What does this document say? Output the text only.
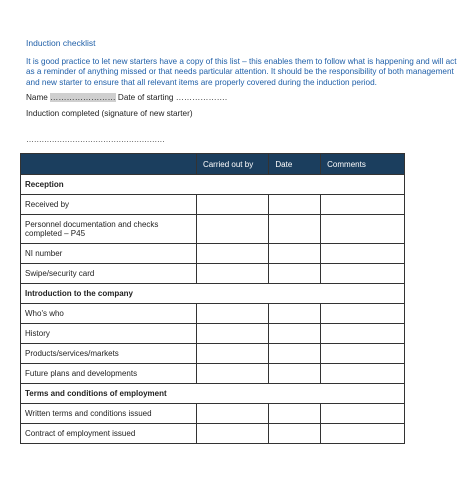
Induction checklist
It is good practice to let new starters have a copy of this list – this enables them to follow what is happening and will act as a reminder of anything missed or that needs particular attention. It should be the responsibility of both management and new starter to ensure that all relevant items are properly covered during the induction period.
Name …………………… Date of starting ……………….
Induction completed (signature of new starter)
………………………………………………
	Carried out by	Date	Comments
Reception			
Received by			
Personnel documentation and checks completed – P45			
NI number			
Swipe/security card			
Introduction to the company			
Who's who			
History			
Products/services/markets			
Future plans and developments			
Terms and conditions of employment			
Written terms and conditions issued			
Contract of employment issued			
